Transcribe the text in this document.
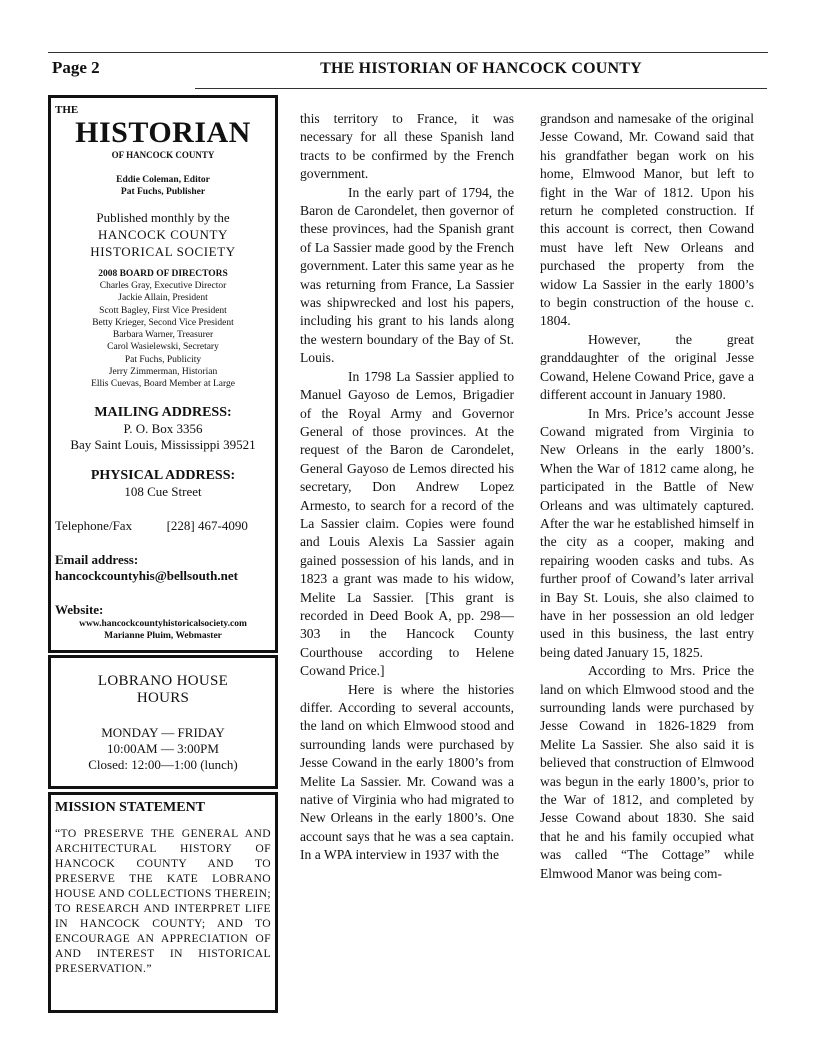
Page 2	THE HISTORIAN OF HANCOCK COUNTY
THE
HISTORIAN
OF HANCOCK COUNTY
Eddie Coleman, Editor
Pat Fuchs, Publisher
Published monthly by the
HANCOCK COUNTY
HISTORICAL SOCIETY
2008 BOARD OF DIRECTORS
Charles Gray, Executive Director
Jackie Allain, President
Scott Bagley, First Vice President
Betty Krieger, Second Vice President
Barbara Warner, Treasurer
Carol Wasielewski, Secretary
Pat Fuchs, Publicity
Jerry Zimmerman, Historian
Ellis Cuevas, Board Member at Large
MAILING ADDRESS:
P. O. Box 3356
Bay Saint Louis, Mississippi 39521
PHYSICAL ADDRESS:
108 Cue Street
Telephone/Fax	[228] 467-4090
Email address:
hancockcountyhis@bellsouth.net
Website:
www.hancockcountyhistoricalsociety.com
Marianne Pluim, Webmaster
LOBRANO HOUSE
HOURS
MONDAY — FRIDAY
10:00AM — 3:00PM
Closed: 12:00—1:00 (lunch)
MISSION STATEMENT
“TO PRESERVE THE GENERAL AND ARCHITECTURAL HISTORY OF HANCOCK COUNTY AND TO PRESERVE THE KATE LOBRANO HOUSE AND COLLECTIONS THEREIN; TO RESEARCH AND INTERPRET LIFE IN HANCOCK COUNTY; AND TO ENCOURAGE AN APPRECIATION OF AND INTEREST IN HISTORICAL PRESERVATION.”

this territory to France, it was necessary for all these Spanish land tracts to be confirmed by the French government.

In the early part of 1794, the Baron de Carondelet, then governor of these provinces, had the Spanish grant of La Sassier made good by the French government. Later this same year as he was returning from France, La Sassier was shipwrecked and lost his papers, including his grant to his lands along the western boundary of the Bay of St. Louis.

In 1798 La Sassier applied to Manuel Gayoso de Lemos, Brigadier of the Royal Army and Governor General of those provinces. At the request of the Baron de Carondelet, General Gayoso de Lemos directed his secretary, Don Andrew Lopez Armesto, to search for a record of the La Sassier claim. Copies were found and Louis Alexis La Sassier again gained possession of his lands, and in 1823 a grant was made to his widow, Melite La Sassier. [This grant is recorded in Deed Book A, pp. 298—303 in the Hancock County Courthouse according to Helene Cowand Price.]

Here is where the histories differ. According to several accounts, the land on which Elmwood stood and surrounding lands were purchased by Jesse Cowand in the early 1800’s from Melite La Sassier. Mr. Cowand was a native of Virginia who had migrated to New Orleans in the early 1800’s. One account says that he was a sea captain. In a WPA interview in 1937 with the

grandson and namesake of the original Jesse Cowand, Mr. Cowand said that his grandfather began work on his home, Elmwood Manor, but left to fight in the War of 1812. Upon his return he completed construction. If this account is correct, then Cowand must have left New Orleans and purchased the property from the widow La Sassier in the early 1800’s to begin construction of the house c. 1804.

However, the great granddaughter of the original Jesse Cowand, Helene Cowand Price, gave a different account in January 1980.

In Mrs. Price’s account Jesse Cowand migrated from Virginia to New Orleans in the early 1800’s. When the War of 1812 came along, he participated in the Battle of New Orleans and was ultimately captured. After the war he established himself in the city as a cooper, making and repairing wooden casks and tubs. As further proof of Cowand’s later arrival in Bay St. Louis, she also claimed to have in her possession an old ledger used in this business, the last entry being dated January 15, 1825.

According to Mrs. Price the land on which Elmwood stood and the surrounding lands were purchased by Jesse Cowand in 1826-1829 from Melite La Sassier. She also said it is believed that construction of Elmwood was begun in the early 1800’s, prior to the War of 1812, and completed by Jesse Cowand about 1830. She said that he and his family occupied what was called “The Cottage” while Elmwood Manor was being com-
